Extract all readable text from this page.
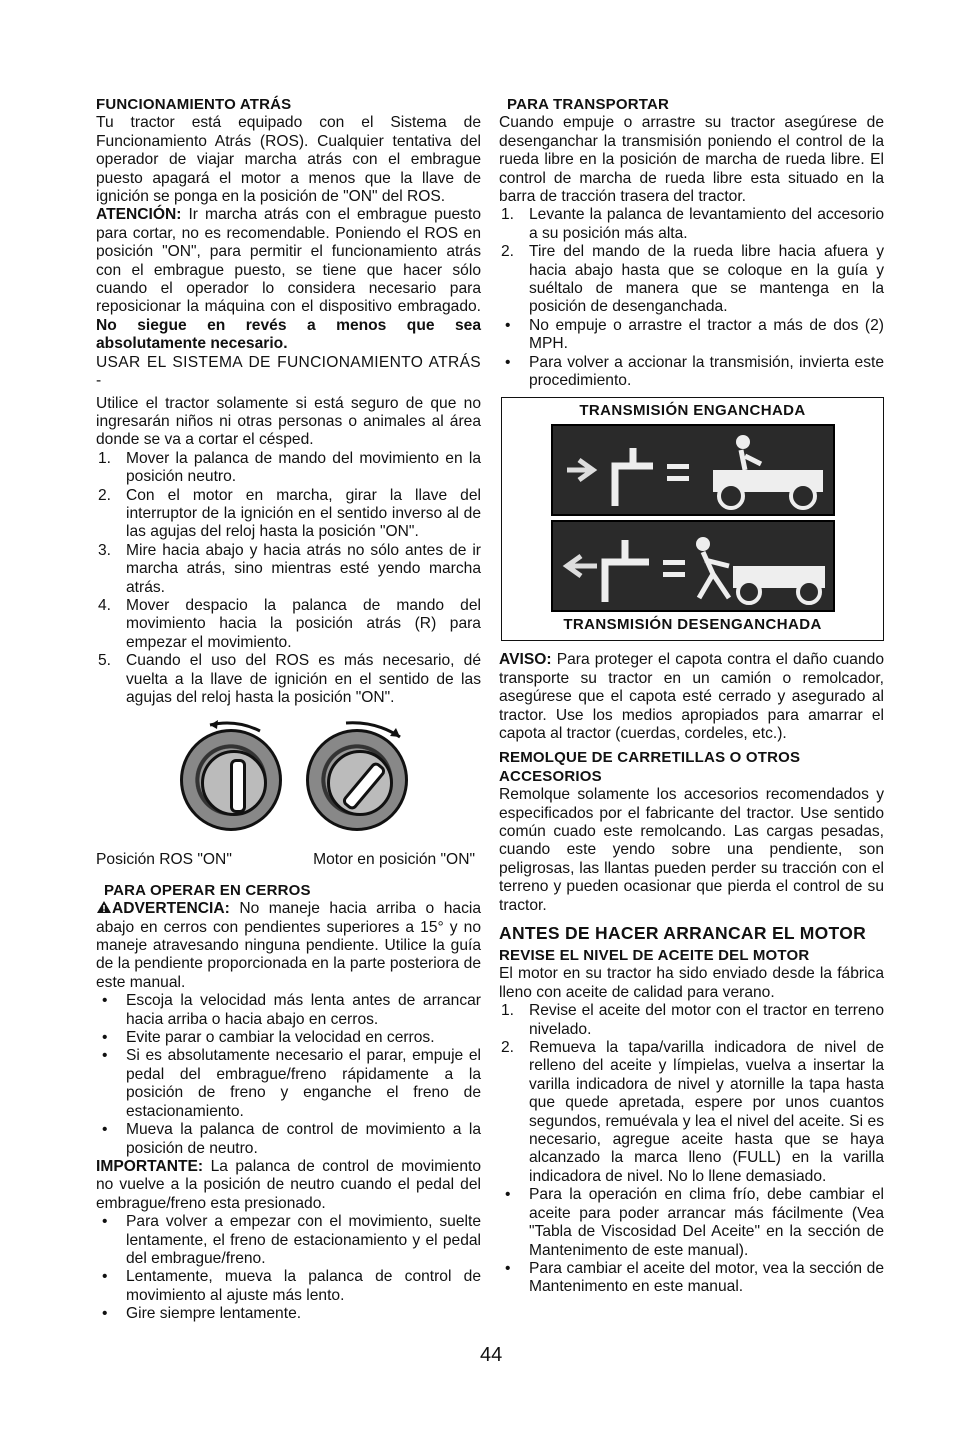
FUNCIONAMIENTO ATRÁS

Tu tractor está equipado con el Sistema de Funcionamiento Atrás (ROS). Cualquier tentativa del operador de viajar marcha atrás con el embrague puesto apagará el motor a menos que la llave de ignición se ponga en la posición de "ON" del ROS.

ATENCIÓN: Ir marcha atrás con el embrague puesto para cortar, no es recomendable. Poniendo el ROS en posición "ON", para permitir el funcionamiento atrás con el embrague puesto, se tiene que hacer sólo cuando el operador lo considera necesario para reposicionar la máquina con el dispositivo embragado. No siegue en revés a menos que sea absolutamente necesario.

USAR EL SISTEMA DE FUNCIONAMIENTO ATRÁS -

Utilice el tractor solamente si está seguro de que no ingresarán niños ni otras personas o animales al área donde se va a cortar el césped.

1. Mover la palanca de mando del movimiento en la posición neutro.
2. Con el motor en marcha, girar la llave del interruptor de la ignición en el sentido inverso al de las agujas del reloj hasta la posición "ON".
3. Mire hacia abajo y hacia atrás no sólo antes de ir marcha atrás, sino mientras esté yendo marcha atrás.
4. Mover despacio la palanca de mando del movimiento hacia la posición atrás (R) para empezar el movimiento.
5. Cuando el uso del ROS es más necesario, dé vuelta a la llave de ignición en el sentido de las agujas del reloj hasta la posición "ON".
Posición ROS "ON"	Motor en posición "ON"
PARA OPERAR EN CERROS

ADVERTENCIA: No maneje hacia arriba o hacia abajo en cerros con pendientes superiores a 15° y no maneje atravesando ninguna pendiente. Utilice la guía de la pendiente proporcionada en la parte posteriora de este manual.

• Escoja la velocidad más lenta antes de arrancar hacia arriba o hacia abajo en cerros.
• Evite parar o cambiar la velocidad en cerros.
• Si es absolutamente necesario el parar, empuje el pedal del embrague/freno rápidamente a la posición de freno y enganche el freno de estacionamiento.
• Mueva la palanca de control de movimiento a la posición de neutro.

IMPORTANTE: La palanca de control de movimiento no vuelve a la posición de neutro cuando el pedal del embrague/freno esta presionado.

• Para volver a empezar con el movimiento, suelte lentamente, el freno de estacionamiento y el pedal del embrague/freno.
• Lentamente, mueva la palanca de control de movimiento al ajuste más lento.
• Gire siempre lentamente.
PARA TRANSPORTAR

Cuando empuje o arrastre su tractor asegúrese de desenganchar la transmisión poniendo el control de la rueda libre en la posición de marcha de rueda libre. El control de marcha de rueda libre esta situado en la barra de tracción trasera del tractor.

1. Levante la palanca de levantamiento del accesorio a su posición más alta.
2. Tire del mando de la rueda libre hacia afuera y hacia abajo hasta que se coloque en la guía y suéltalo de manera que se mantenga en la posición de desenganchada.
• No empuje o arrastre el tractor a más de dos (2) MPH.
• Para volver a accionar la transmisión, invierta este procedimiento.
TRANSMISIÓN ENGANCHADA
TRANSMISIÓN DESENGANCHADA

AVISO: Para proteger el capota contra el daño cuando transporte su tractor en un camión o remolcador, asegúrese que el capota esté cerrado y asegurado al tractor. Use los medios apropiados para amarrar el capota al tractor (cuerdas, cordeles, etc.).

REMOLQUE DE CARRETILLAS O OTROS ACCESORIOS

Remolque solamente los accesorios recomendados y especificados por el fabricante del tractor. Use sentido común cuado este remolcando. Las cargas pesadas, cuando este yendo sobre una pendiente, son peligrosas, las llantas pueden perder su tracción con el terreno y pueden ocasionar que pierda el control de su tractor.

ANTES DE HACER ARRANCAR EL MOTOR
REVISE EL NIVEL DE ACEITE DEL MOTOR

El motor en su tractor ha sido enviado desde la fábrica lleno con aceite de calidad para verano.

1. Revise el aceite del motor con el tractor en terreno nivelado.
2. Remueva la tapa/varilla indicadora de nivel de relleno del aceite y límpielas, vuelva a insertar la varilla indicadora de nivel y atornille la tapa hasta que quede apretada, espere por unos cuantos segundos, remuévala y lea el nivel del aceite. Si es necesario, agregue aceite hasta que se haya alcanzado la marca lleno (FULL) en la varilla indicadora de nivel. No lo llene demasiado.
• Para la operación en clima frío, debe cambiar el aceite para poder arrancar más fácilmente (Vea "Tabla de Viscosidad Del Aceite" en la sección de Mantenimento de este manual).
• Para cambiar el aceite del motor, vea la sección de Mantenimento en este manual.
44
